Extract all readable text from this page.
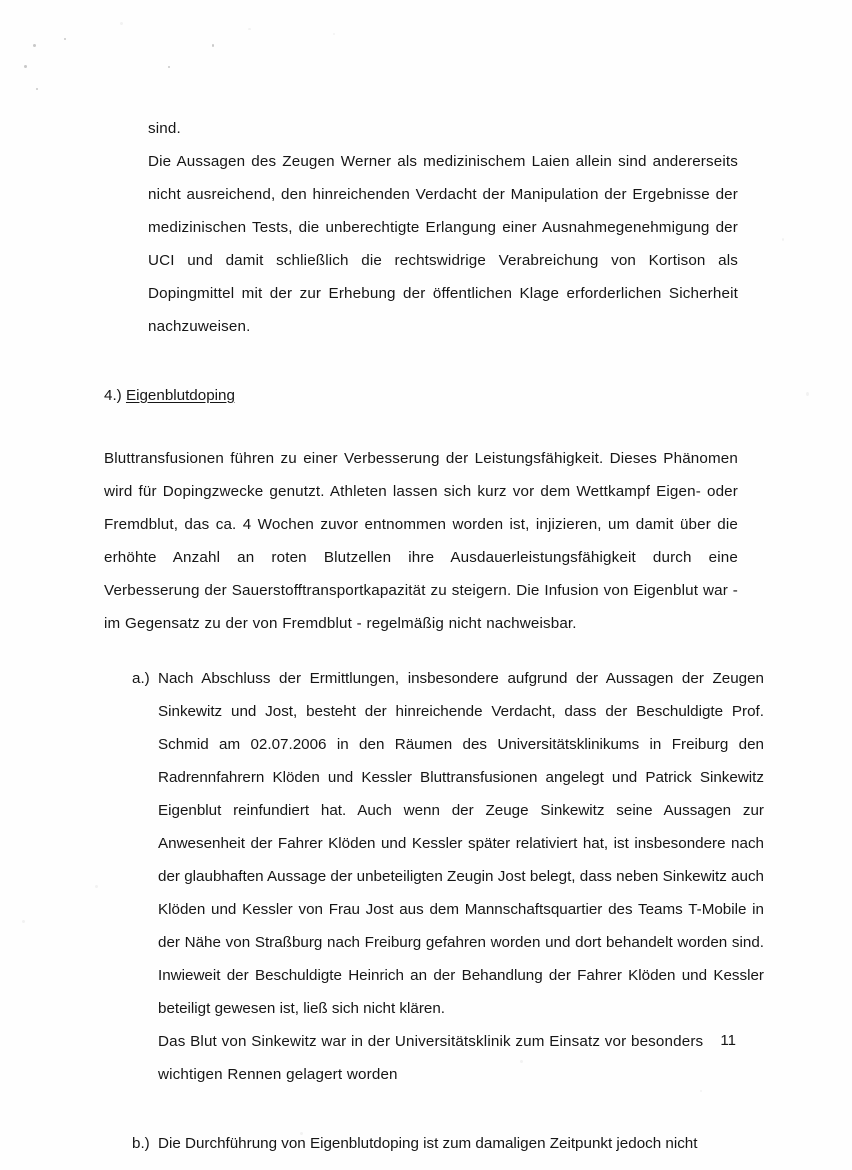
sind.

Die Aussagen des Zeugen Werner als medizinischem Laien allein sind andererseits nicht ausreichend, den hinreichenden Verdacht der Manipulation der Ergebnisse der medizinischen Tests, die unberechtigte Erlangung einer Ausnahmegenehmigung der UCI und damit schließlich die rechtswidrige Verabreichung von Kortison als Dopingmittel mit der zur Erhebung der öffentlichen Klage erforderlichen Sicherheit nachzuweisen.

4.) Eigenblutdoping

Bluttransfusionen führen zu einer Verbesserung der Leistungsfähigkeit. Dieses Phänomen wird für Dopingzwecke genutzt. Athleten lassen sich kurz vor dem Wettkampf Eigen- oder Fremdblut, das ca. 4 Wochen zuvor entnommen worden ist, injizieren, um damit über die erhöhte Anzahl an roten Blutzellen ihre Ausdauerleistungsfähigkeit durch eine Verbesserung der Sauerstofftransportkapazität zu steigern. Die Infusion von Eigenblut war - im Gegensatz zu der von Fremdblut - regelmäßig nicht nachweisbar.

a.) Nach Abschluss der Ermittlungen, insbesondere aufgrund der Aussagen der Zeugen Sinkewitz und Jost, besteht der hinreichende Verdacht, dass der Beschuldigte Prof. Schmid am 02.07.2006 in den Räumen des Universitätsklinikums in Freiburg den Radrennfahrern Klöden und Kessler Bluttransfusionen angelegt und Patrick Sinkewitz Eigenblut reinfundiert hat. Auch wenn der Zeuge Sinkewitz seine Aussagen zur Anwesenheit der Fahrer Klöden und Kessler später relativiert hat, ist insbesondere nach der glaubhaften Aussage der unbeteiligten Zeugin Jost belegt, dass neben Sinkewitz auch Klöden und Kessler von Frau Jost aus dem Mannschaftsquartier des Teams T-Mobile in der Nähe von Straßburg nach Freiburg gefahren worden und dort behandelt worden sind. Inwieweit der Beschuldigte Heinrich an der Behandlung der Fahrer Klöden und Kessler beteiligt gewesen ist, ließ sich nicht klären.

Das Blut von Sinkewitz war in der Universitätsklinik zum Einsatz vor besonders wichtigen Rennen gelagert worden

b.) Die Durchführung von Eigenblutdoping ist zum damaligen Zeitpunkt jedoch nicht
11
